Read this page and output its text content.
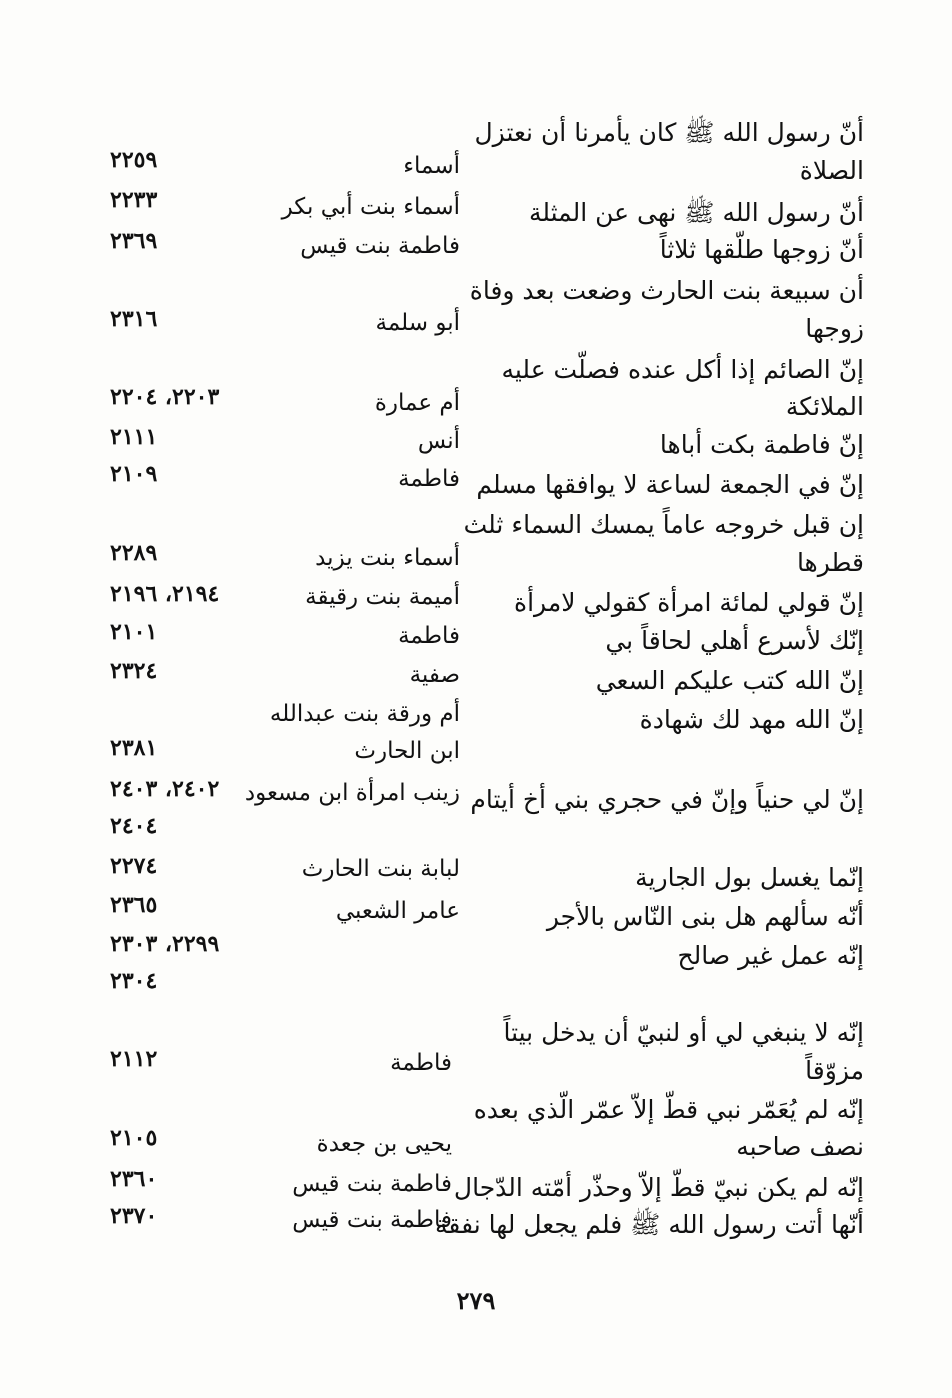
أنّ رسول الله ﷺ كان يأمرنا أن نعتزل
الصلاة
أسماء
٢٢٥٩
أنّ رسول الله ﷺ نهى عن المثلة
أسماء بنت أبي بكر
٢٢٣٣
أنّ زوجها طلّقها ثلاثاً
فاطمة بنت قيس
٢٣٦٩
أن سبيعة بنت الحارث وضعت بعد وفاة
زوجها
أبو سلمة
٢٣١٦
إنّ الصائم إذا أكل عنده فصلّت عليه
الملائكة
أم عمارة
٢٢٠٣، ٢٢٠٤
إنّ فاطمة بكت أباها
أنس
٢١١١
إنّ في الجمعة لساعة لا يوافقها مسلم
فاطمة
٢١٠٩
إن قبل خروجه عاماً يمسك السماء ثلث
قطرها
أسماء بنت يزيد
٢٢٨٩
إنّ قولي لمائة امرأة كقولي لامرأة
أميمة بنت رقيقة
٢١٩٤، ٢١٩٦
إنّك لأسرع أهلي لحاقاً بي
فاطمة
٢١٠١
إنّ الله كتب عليكم السعي
صفية
٢٣٢٤
إنّ الله مهد لك شهادة
أم ورقة بنت عبدالله
ابن الحارث
٢٣٨١
إنّ لي حنياً وإنّ في حجري بني أخ أيتام
زينب امرأة ابن مسعود
٢٤٠٢، ٢٤٠٣
٢٤٠٤
إنّما يغسل بول الجارية
لبابة بنت الحارث
٢٢٧٤
أنّه سألهم هل بنى النّاس بالأجر
عامر الشعبي
٢٣٦٥
إنّه عمل غير صالح
٢٢٩٩، ٢٣٠٣
٢٣٠٤
إنّه لا ينبغي لي أو لنبيّ أن يدخل بيتاً
مزوّقاً
فاطمة
٢١١٢
إنّه لم يُعَمّر نبي قطّ إلاّ عمّر الّذي بعده
نصف صاحبه
يحيى بن جعدة
٢١٠٥
إنّه لم يكن نبيّ قطّ إلاّ وحذّر أمّته الدّجال
فاطمة بنت قيس
٢٣٦٠
أنّها أتت رسول الله ﷺ فلم يجعل لها نفقة
فاطمة بنت قيس
٢٣٧٠
٢٧٩
